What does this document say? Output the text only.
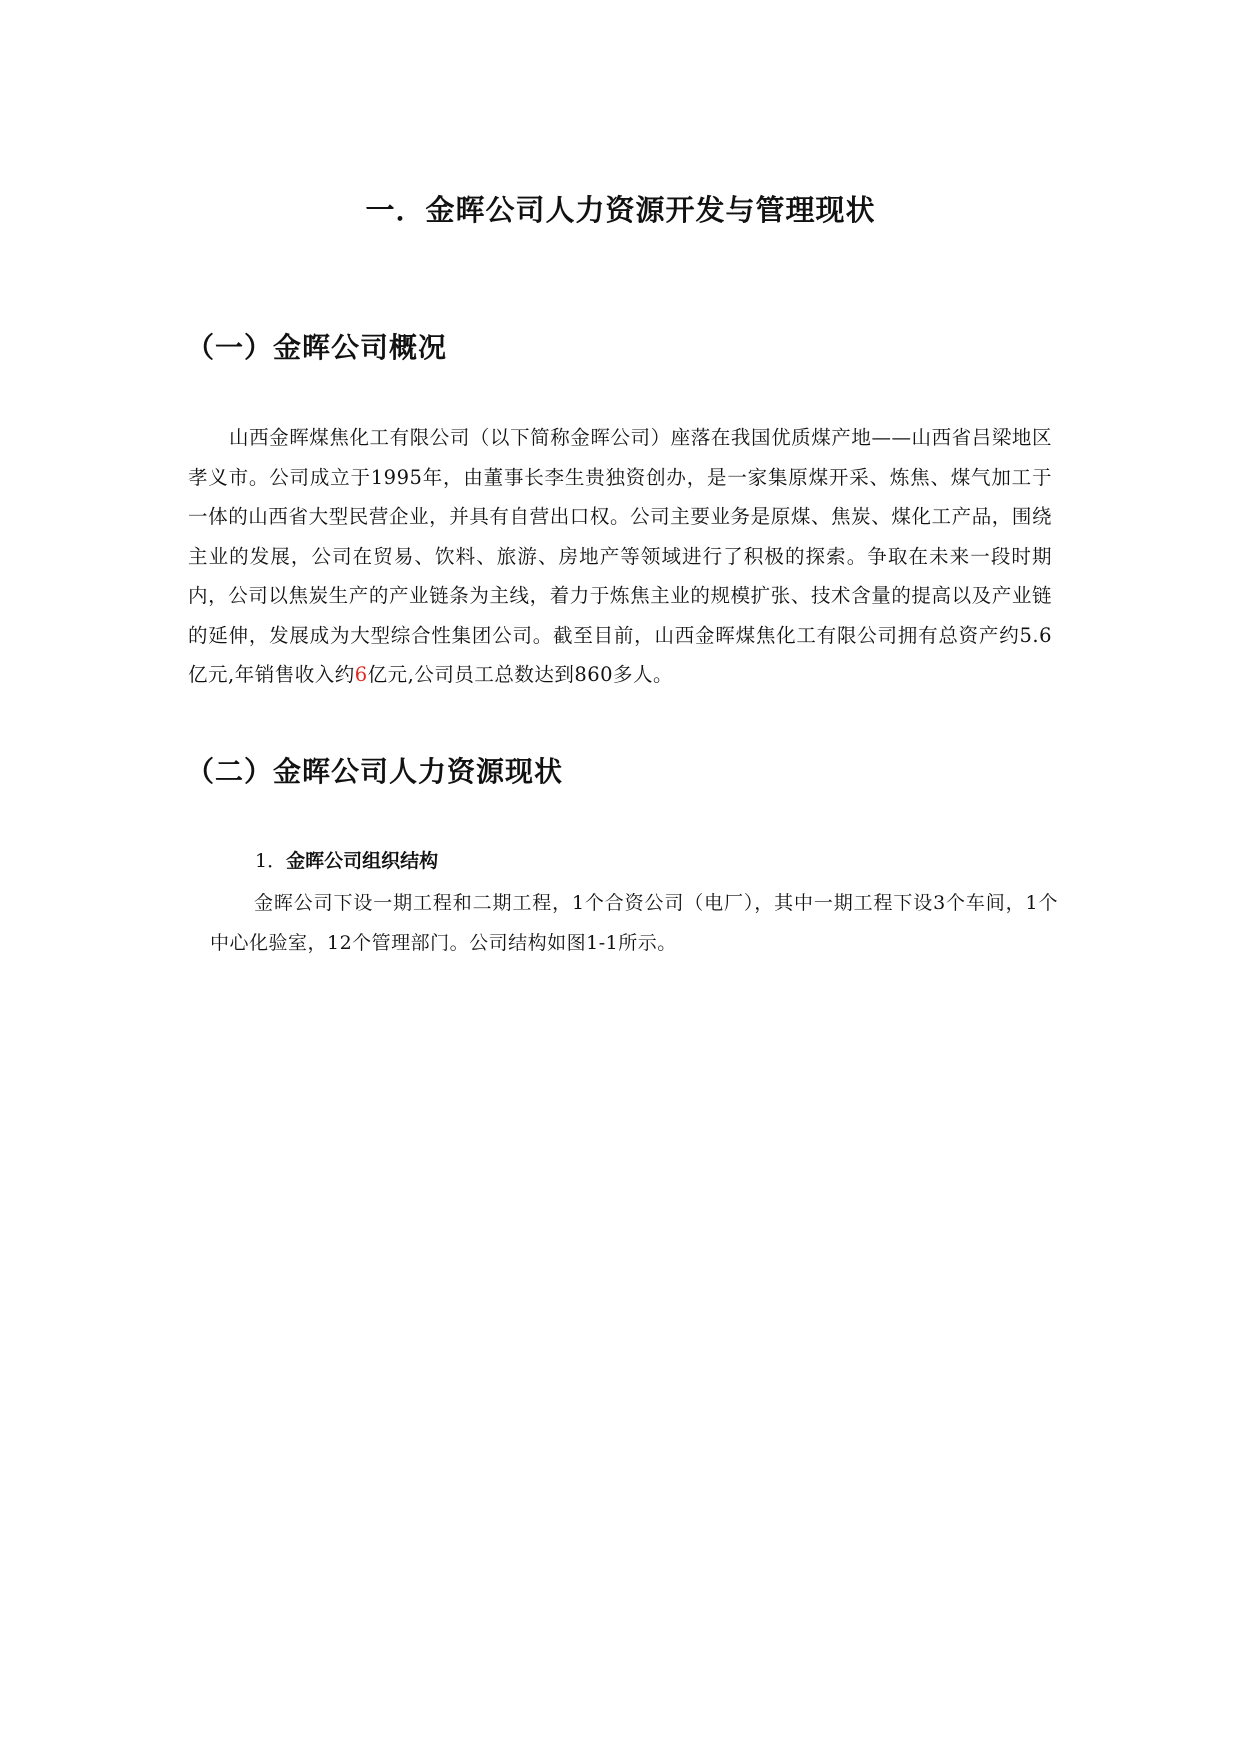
一．金晖公司人力资源开发与管理现状
（一）金晖公司概况

山西金晖煤焦化工有限公司（以下简称金晖公司）座落在我国优质煤产地——山西省吕梁地区孝义市。公司成立于1995年，由董事长李生贵独资创办，是一家集原煤开采、炼焦、煤气加工于一体的山西省大型民营企业，并具有自营出口权。公司主要业务是原煤、焦炭、煤化工产品，围绕主业的发展，公司在贸易、饮料、旅游、房地产等领域进行了积极的探索。争取在未来一段时期内，公司以焦炭生产的产业链条为主线，着力于炼焦主业的规模扩张、技术含量的提高以及产业链的延伸，发展成为大型综合性集团公司。截至目前，山西金晖煤焦化工有限公司拥有总资产约5.6亿元,年销售收入约6亿元,公司员工总数达到860多人。

（二）金晖公司人力资源现状
1．金晖公司组织结构

金晖公司下设一期工程和二期工程，1个合资公司（电厂），其中一期工程下设3个车间，1个中心化验室，12个管理部门。公司结构如图1-1所示。
